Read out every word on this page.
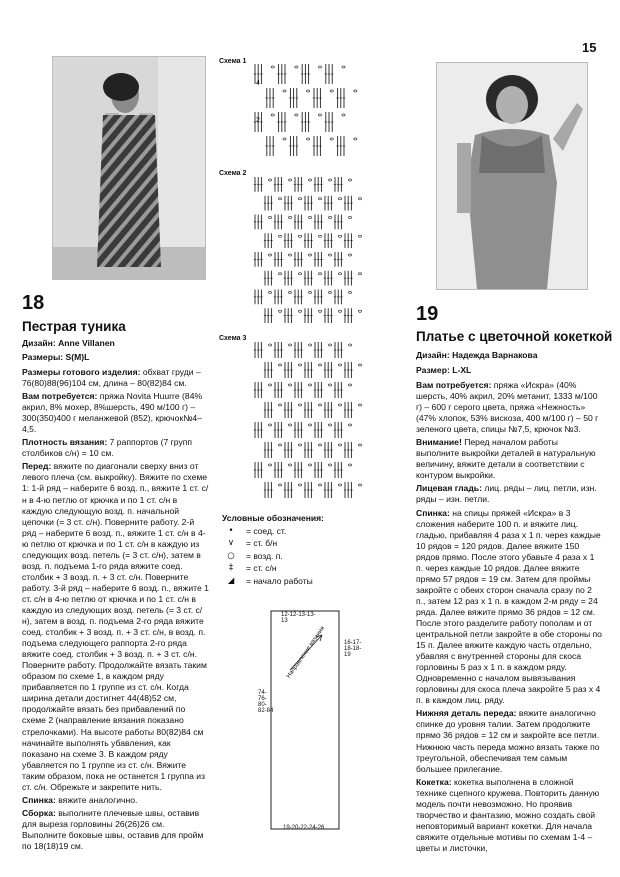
15
18
Пестрая туника
Дизайн: Anne Villanen
Размеры: S(M)L

Размеры готового изделия: обхват груди – 76(80)88(96)104 см, длина – 80(82)84 см.

Вам потребуется: пряжа Novita Huurre (84% акрил, 8% мохер, 8%шерсть, 490 м/100 г) – 300(350)400 г меланжевой (852), крючок№4–4,5.

Плотность вязания: 7 раппортов (7 групп столбиков с/н) = 10 см.

Перед: вяжите по диагонали сверху вниз от левого плеча (см. выкройку). Вяжите по схеме 1: 1-й ряд – наберите 6 возд. п., вяжите 1 ст. с/н в 4-ю петлю от крючка и по 1 ст. с/н в каждую следующую возд. п. начальной цепочки (= 3 ст. с/н). Поверните работу. 2-й ряд – наберите 6 возд. п., вяжите 1 ст. с/н в 4-ю петлю от крючка и по 1 ст. с/н в каждую из следующих возд. петель (= 3 ст. с/н), затем в возд. п. подъема 1-го ряда вяжите соед. столбик + 3 возд. п. + 3 ст. с/н. Поверните работу. 3-й ряд – наберите 6 возд. п., вяжите 1 ст. с/н в 4-ю петлю от крючка и по 1 ст. с/н в каждую из следующих возд. петель (= 3 ст. с/н), затем в возд. п. подъема 2-го ряда вяжите соед. столбик + 3 возд. п. + 3 ст. с/н, в возд. п. подъема следующего раппорта 2-го ряда вяжите соед. столбик + 3 возд. п. + 3 ст. с/н. Поверните работу. Продолжайте вязать таким образом по схеме 1, в каждом ряду прибавляется по 1 группе из ст. с/н. Когда ширина детали достигнет 44(48)52 см, продолжайте вязать без прибавлений по схеме 2 (направление вязания показано стрелочками). На высоте работы 80(82)84 см начинайте выполнять убавления, как показано на схеме 3. В каждом ряду убавляется по 1 группе из ст. с/н. Вяжите таким образом, пока не останется 1 группа из ст. с/н. Обрежьте и закрепите нить.

Спинка: вяжите аналогично.

Сборка: выполните плечевые швы, оставив для выреза горловины 26(26)26 см. Выполните боковые швы, оставив для пройм по 18(18)19 см.

Схема 1
4
2
Схема 2
Схема 3
Условные обозначения:
•	= соед. ст.
∨	= ст. б/н
○	= возд. п.
‡	= ст. с/н
◢	= начало работы
12-12-13-13-13
16-17-18-18-19
74-76-80-82-84
19-20-22-24-26
Направление вязания
19
Платье с цветочной кокеткой
Дизайн: Надежда Варнакова
Размер: L-XL

Вам потребуется: пряжа «Искра» (40% шерсть, 40% акрил, 20% метанит, 1333 м/100 г) – 600 г серого цвета, пряжа «Нежность» (47% хлопок, 53% вискоза, 400 м/100 г) – 50 г зеленого цвета, спицы №7,5, крючок №3.

Внимание! Перед началом работы выполните выкройки деталей в натуральную величину, вяжите детали в соответствии с контуром выкройки.

Лицевая гладь: лиц. ряды – лиц. петли, изн. ряды – изн. петли.

Спинка: на спицы пряжей «Искра» в 3 сложения наберите 100 п. и вяжите лиц. гладью, прибавляя 4 раза х 1 п. через каждые 10 рядов = 120 рядов. Далее вяжите 150 рядов прямо. После этого убавьте 4 раза х 1 п. через каждые 10 рядов. Далее вяжите прямо 57 рядов = 19 см. Затем для проймы закройте с обеих сторон сначала сразу по 2 п., затем 12 раз х 1 п. в каждом 2-м ряду = 24 ряда. Далее вяжите прямо 36 рядов = 12 см. После этого разделите работу пополам и от центральной петли закройте в обе стороны по 15 п. Далее вяжите каждую часть отдельно, убавляя с внутренней стороны для скоса горловины 5 раз х 1 п. в каждом ряду. Одновременно с началом вывязывания горловины для скоса плеча закройте 5 раз х 4 п. в каждом лиц. ряду.

Нижняя деталь переда: вяжите аналогично спинке до уровня талии. Затем продолжите прямо 36 рядов = 12 см и закройте все петли. Нижнюю часть переда можно вязать также по треугольной, обеспечивая тем самым большее прилегание.

Кокетка: кокетка выполнена в сложной технике сцепного кружева. Повторить данную модель почти невозможно. Но проявив творчество и фантазию, можно создать свой неповторимый вариант кокетки. Для начала свяжите отдельные мотивы по схемам 1-4 – цветы и листочки,
